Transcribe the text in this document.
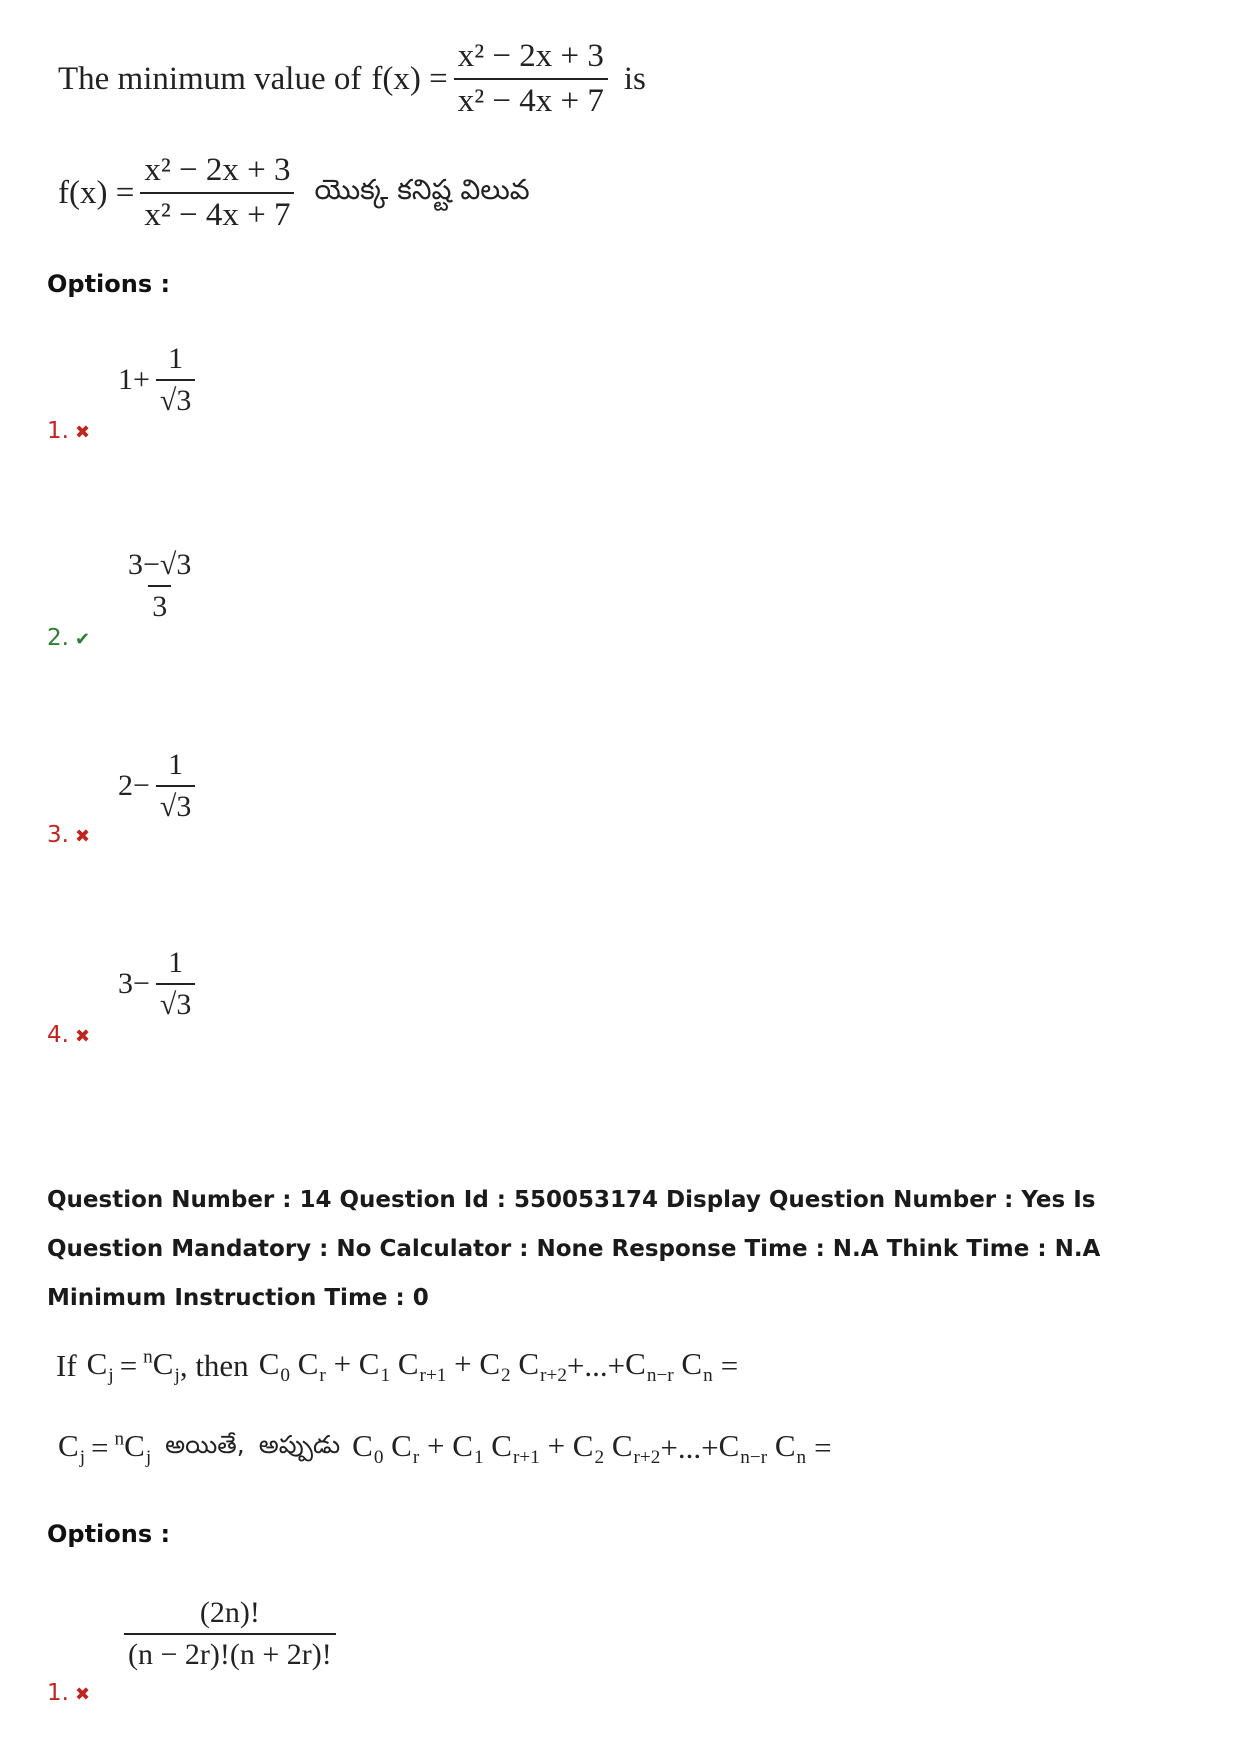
The minimum value of $f(x) = \frac{\text{x² − 2x + 3}}{\text{x² − 4x + 7}}$ is
$f(x) = \frac{\text{x² − 2x + 3}}{\text{x² − 4x + 7}}$ యొక్క కనిష్ట విలువ
Options :
$1+ \frac{1}{√3}$
1. ✖
$\frac{3-√3}{3}$
2. ✔
$2- \frac{1}{√3}$
3. ✖
$3- \frac{1}{√3}$
4. ✖
Question Number : 14 Question Id : 550053174 Display Question Number : Yes Is Question Mandatory : No Calculator : None Response Time : N.A Think Time : N.A Minimum Instruction Time : 0
If $C_j = ^nC_j$ , then $C_0$ $C_r + C_1$ $C_{r+1} + C_2$ $C_{r+2}$ +...+ $C_{n-r}$ $C_n$ =
$C_j = ^nC_j$ అయితే, అప్పుడు $C_0$ $C_r + C_1$ $C_{r+1} + C_2$ $C_{r+2}$ +...+ $C_{n-r}$ $C_n$ =
Options :
$\frac{(2n)!}{(n - 2r)!(n + 2r)!}$
1. ✖
